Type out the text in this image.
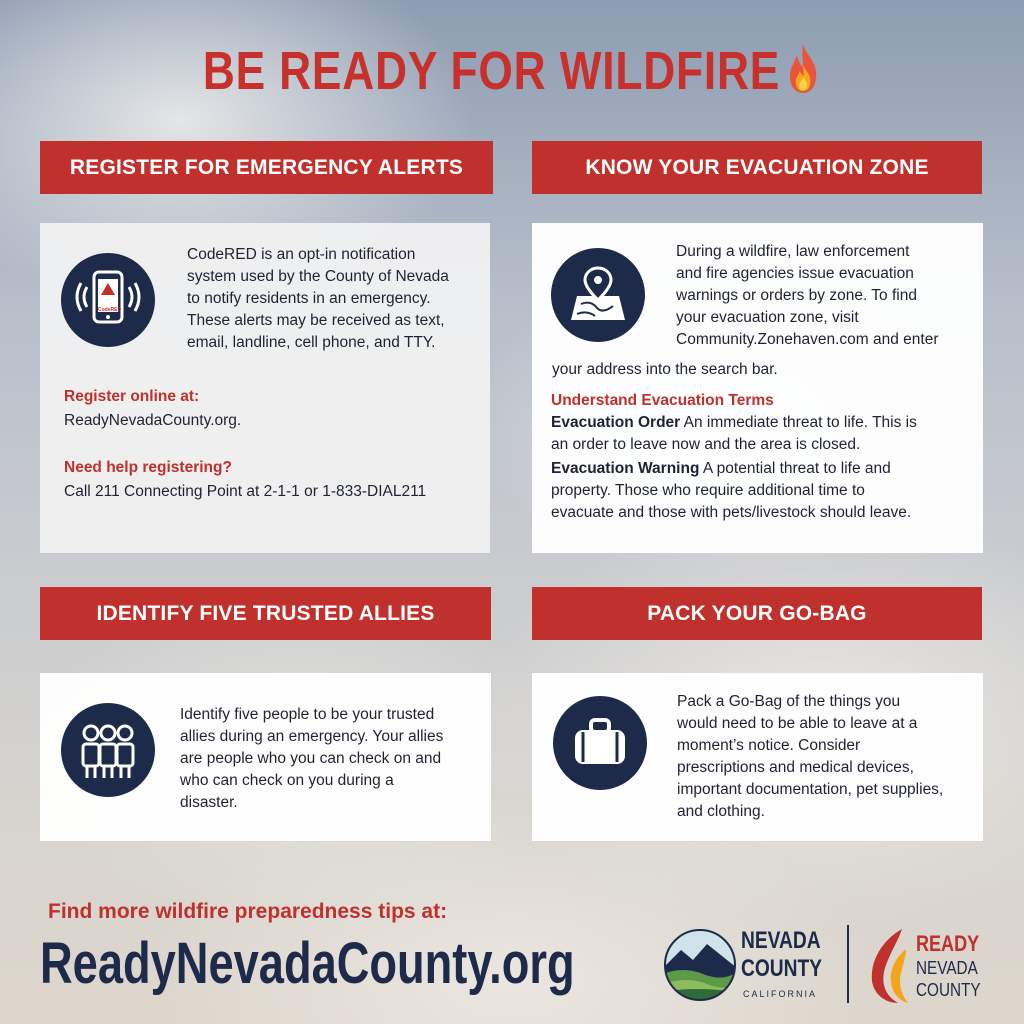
BE READY FOR WILDFIRE
REGISTER FOR EMERGENCY ALERTS	KNOW YOUR EVACUATION ZONE
IDENTIFY FIVE TRUSTED ALLIES	PACK YOUR GO-BAG
CodeRED
CodeRED is an opt-in notification
system used by the County of Nevada
to notify residents in an emergency.
These alerts may be received as text,
email, landline, cell phone, and TTY.
Register online at:
ReadyNevadaCounty.org.
Need help registering?
Call 211 Connecting Point at 2-1-1 or 1-833-DIAL211
During a wildfire, law enforcement
and fire agencies issue evacuation
warnings or orders by zone. To find
your evacuation zone, visit
Community.Zonehaven.com and enter
your address into the search bar.
Understand Evacuation Terms
Evacuation Order An immediate threat to life. This is
an order to leave now and the area is closed.
Evacuation Warning A potential threat to life and
property. Those who require additional time to
evacuate and those with pets/livestock should leave.
Identify five people to be your trusted
allies during an emergency. Your allies
are people who you can check on and
who can check on you during a
disaster.
Pack a Go-Bag of the things you
would need to be able to leave at a
moment’s notice. Consider
prescriptions and medical devices,
important documentation, pet supplies,
and clothing.
Find more wildfire preparedness tips at:
ReadyNevadaCounty.org	NEVADA
COUNTY
CALIFORNIA
READY
NEVADA
COUNTY
